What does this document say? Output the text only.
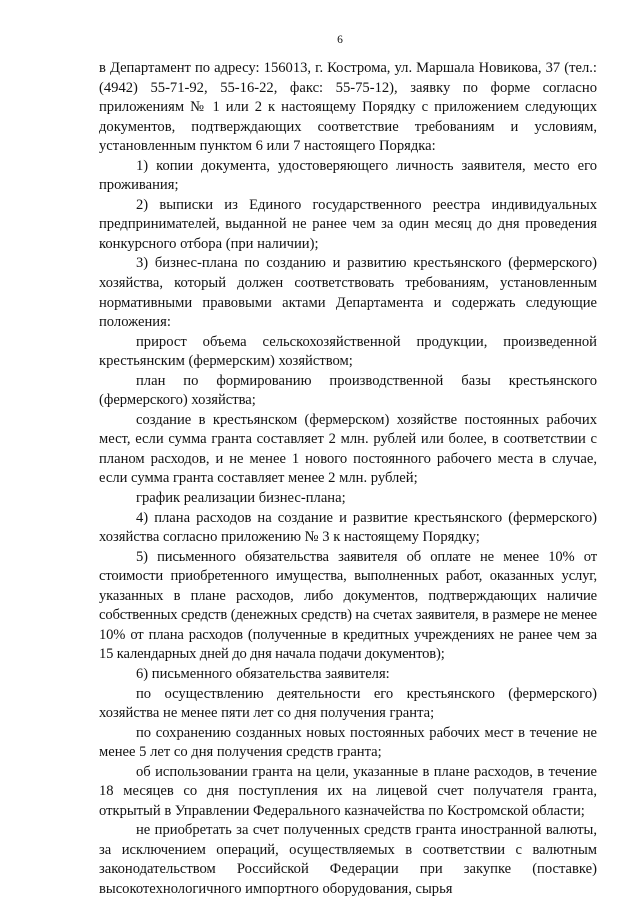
6

в Департамент по адресу: 156013, г. Кострома, ул. Маршала Новикова, 37 (тел.: (4942) 55-71-92, 55-16-22, факс: 55-75-12), заявку по форме согласно приложениям № 1 или 2 к настоящему Порядку с приложением следующих документов, подтверждающих соответствие требованиям и условиям, установленным пунктом 6 или 7 настоящего Порядка:

1) копии документа, удостоверяющего личность заявителя, место его проживания;

2) выписки из Единого государственного реестра индивидуальных предпринимателей, выданной не ранее чем за один месяц до дня проведения конкурсного отбора (при наличии);

3) бизнес-плана по созданию и развитию крестьянского (фермерского) хозяйства, который должен соответствовать требованиям, установленным нормативными правовыми актами Департамента и содержать следующие положения:

прирост объема сельскохозяйственной продукции, произведенной крестьянским (фермерским) хозяйством;

план по формированию производственной базы крестьянского (фермерского) хозяйства;

создание в крестьянском (фермерском) хозяйстве постоянных рабочих мест, если сумма гранта составляет 2 млн. рублей или более, в соответствии с планом расходов, и не менее 1 нового постоянного рабочего места в случае, если сумма гранта составляет менее 2 млн. рублей;

график реализации бизнес-плана;

4) плана расходов на создание и развитие крестьянского (фермерского) хозяйства согласно приложению № 3 к настоящему Порядку;

5) письменного обязательства заявителя об оплате не менее 10% от стоимости приобретенного имущества, выполненных работ, оказанных услуг, указанных в плане расходов, либо документов, подтверждающих наличие собственных средств (денежных средств) на счетах заявителя, в размере не менее 10% от плана расходов (полученные в кредитных учреждениях не ранее чем за 15 календарных дней до дня начала подачи документов);

6) письменного обязательства заявителя:

по осуществлению деятельности его крестьянского (фермерского) хозяйства не менее пяти лет со дня получения гранта;

по сохранению созданных новых постоянных рабочих мест в течение не менее 5 лет со дня получения средств гранта;

об использовании гранта на цели, указанные в плане расходов, в течение 18 месяцев со дня поступления их на лицевой счет получателя гранта, открытый в Управлении Федерального казначейства по Костромской области;

не приобретать за счет полученных средств гранта иностранной валюты, за исключением операций, осуществляемых в соответствии с валютным законодательством Российской Федерации при закупке (поставке) высокотехнологичного импортного оборудования, сырья
